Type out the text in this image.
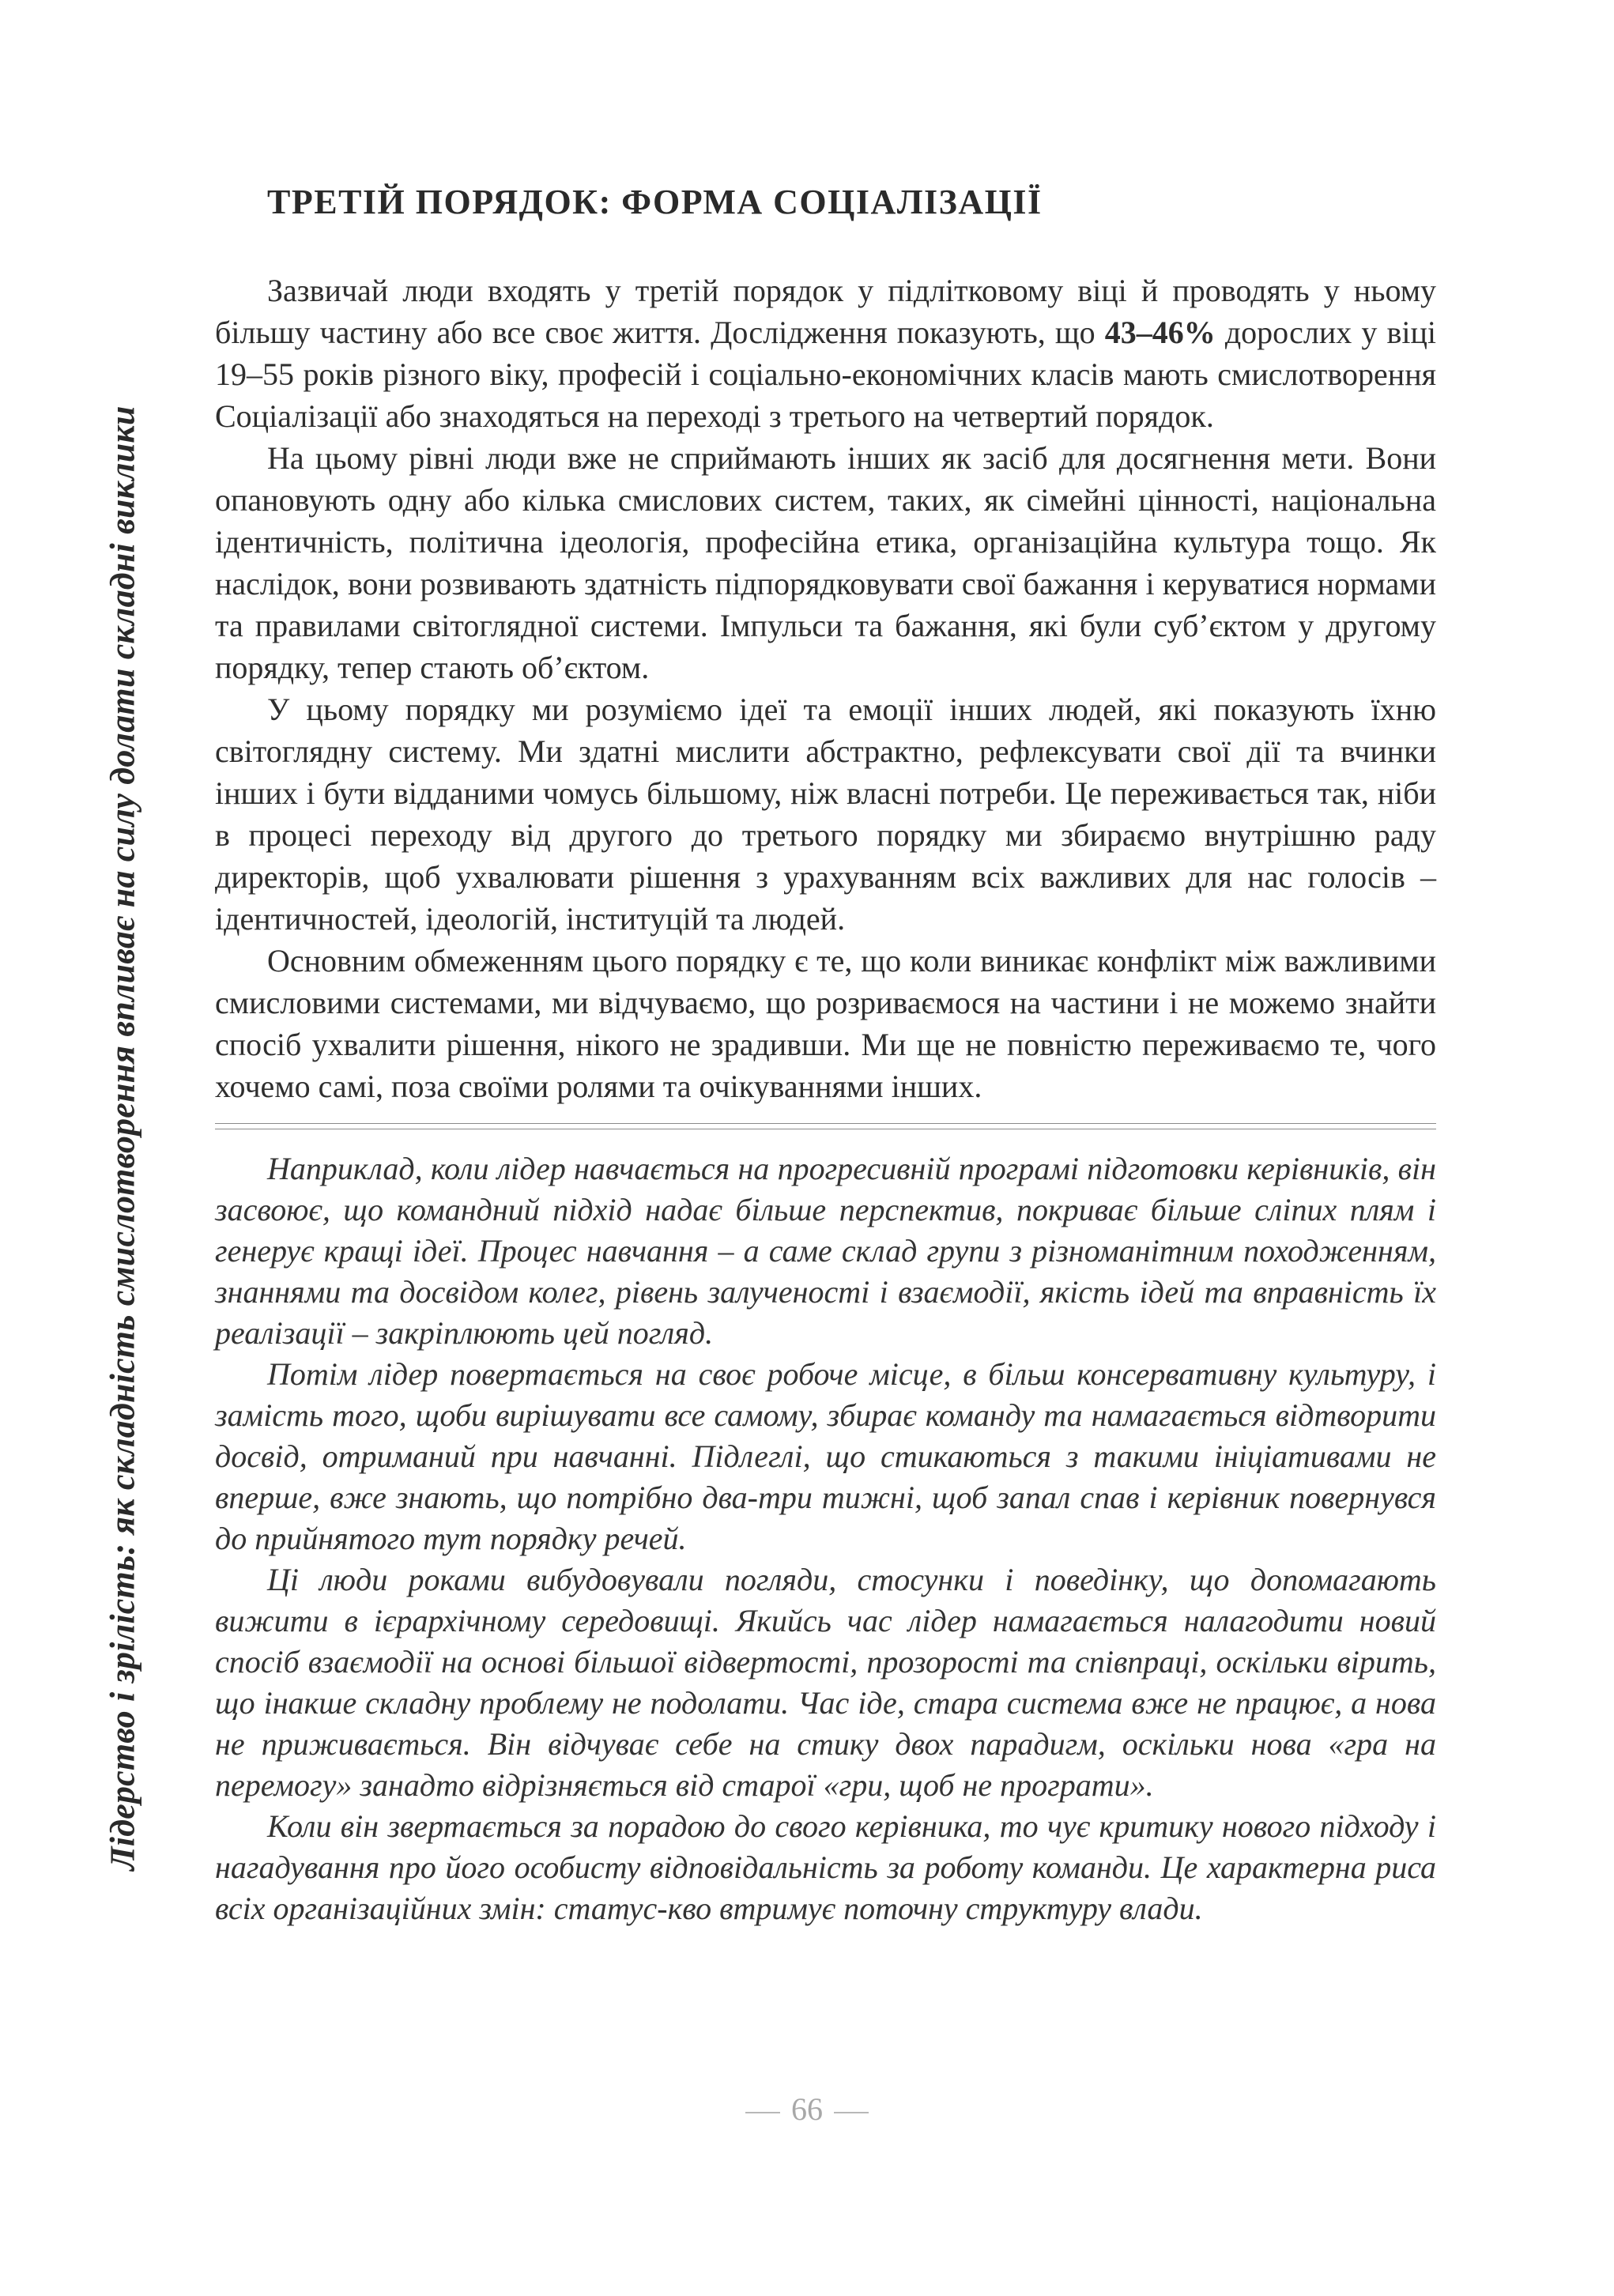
Лідерство і зрілість: як складність смислотворення впливає на силу долати складні виклики
ТРЕТІЙ ПОРЯДОК: ФОРМА СОЦІАЛІЗАЦІЇ

Зазвичай люди входять у третій порядок у підлітковому віці й проводять у ньому більшу частину або все своє життя. Дослідження показують, що 43–46% дорослих у віці 19–55 років різного віку, професій і соціально-економічних класів мають смислотворення Соціалізації або знаходяться на переході з третього на четвертий порядок.

На цьому рівні люди вже не сприймають інших як засіб для досягнення мети. Вони опановують одну або кілька смислових систем, таких, як сімейні цінності, національна ідентичність, політична ідеологія, професійна етика, організаційна культура тощо. Як наслідок, вони розвивають здатність підпорядковувати свої бажання і керуватися нормами та правилами світоглядної системи. Імпульси та бажання, які були суб’єктом у другому порядку, тепер стають об’єктом.

У цьому порядку ми розуміємо ідеї та емоції інших людей, які показують їхню світоглядну систему. Ми здатні мислити абстрактно, рефлексувати свої дії та вчинки інших і бути відданими чомусь більшому, ніж власні потреби. Це переживається так, ніби в процесі переходу від другого до третього порядку ми збираємо внутрішню раду директорів, щоб ухвалювати рішення з урахуванням всіх важливих для нас голосів – ідентичностей, ідеологій, інституцій та людей.

Основним обмеженням цього порядку є те, що коли виникає конфлікт між важливими смисловими системами, ми відчуваємо, що розриваємося на частини і не можемо знайти спосіб ухвалити рішення, нікого не зрадивши. Ми ще не повністю переживаємо те, чого хочемо самі, поза своїми ролями та очікуваннями інших.

Наприклад, коли лідер навчається на прогресивній програмі підготовки керівників, він засвоює, що командний підхід надає більше перспектив, покриває більше сліпих плям і генерує кращі ідеї. Процес навчання – а саме склад групи з різноманітним походженням, знаннями та досвідом колег, рівень залученості і взаємодії, якість ідей та вправність їх реалізації – закріплюють цей погляд.

Потім лідер повертається на своє робоче місце, в більш консервативну культуру, і замість того, щоби вирішувати все самому, збирає команду та намагається відтворити досвід, отриманий при навчанні. Підлеглі, що стикаються з такими ініціативами не вперше, вже знають, що потрібно два-три тижні, щоб запал спав і керівник повернувся до прийнятого тут порядку речей.

Ці люди роками вибудовували погляди, стосунки і поведінку, що допомагають вижити в ієрархічному середовищі. Якийсь час лідер намагається налагодити новий спосіб взаємодії на основі більшої відвертості, прозорості та співпраці, оскільки вірить, що інакше складну проблему не подолати. Час іде, стара система вже не працює, а нова не приживається. Він відчуває себе на стику двох парадигм, оскільки нова «гра на перемогу» занадто відрізняється від старої «гри, щоб не програти».

Коли він звертається за порадою до свого керівника, то чує критику нового підходу і нагадування про його особисту відповідальність за роботу команди. Це характерна риса всіх організаційних змін: статус-кво втримує поточну структуру влади.

66
